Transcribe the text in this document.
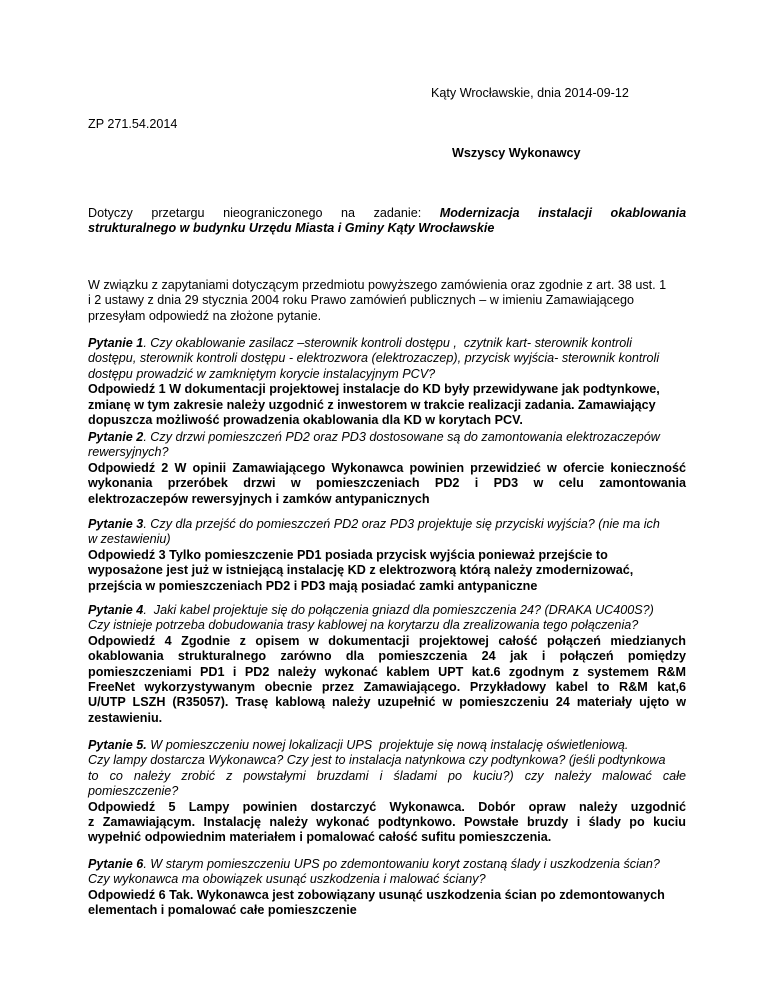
Kąty Wrocławskie, dnia 2014-09-12
ZP 271.54.2014
Wszyscy Wykonawcy
Dotyczy przetargu nieograniczonego na zadanie: Modernizacja instalacji okablowania
strukturalnego w budynku Urzędu Miasta i Gminy Kąty Wrocławskie
W związku z zapytaniami dotyczącym przedmiotu powyższego zamówienia oraz zgodnie z art. 38 ust. 1
i 2 ustawy z dnia 29 stycznia 2004 roku Prawo zamówień publicznych – w imieniu Zamawiającego
przesyłam odpowiedź na złożone pytanie.
Pytanie 1. Czy okablowanie zasilacz –sterownik kontroli dostępu ,  czytnik kart- sterownik kontroli
dostępu, sterownik kontroli dostępu - elektrozwora (elektrozaczep), przycisk wyjścia- sterownik kontroli
dostępu prowadzić w zamkniętym korycie instalacyjnym PCV?
Odpowiedź 1 W dokumentacji projektowej instalacje do KD były przewidywane jak podtynkowe,
zmianę w tym zakresie należy uzgodnić z inwestorem w trakcie realizacji zadania. Zamawiający
dopuszcza możliwość prowadzenia okablowania dla KD w korytach PCV.
Pytanie 2. Czy drzwi pomieszczeń PD2 oraz PD3 dostosowane są do zamontowania elektrozaczepów
rewersyjnych?
Odpowiedź 2 W opinii Zamawiającego Wykonawca powinien przewidzieć w ofercie konieczność
wykonania przeróbek drzwi w pomieszczeniach PD2 i PD3 w celu zamontowania
elektrozaczepów rewersyjnych i zamków antypanicznych
Pytanie 3. Czy dla przejść do pomieszczeń PD2 oraz PD3 projektuje się przyciski wyjścia? (nie ma ich
w zestawieniu)
Odpowiedź 3 Tylko pomieszczenie PD1 posiada przycisk wyjścia ponieważ przejście to
wyposażone jest już w istniejącą instalację KD z elektrozworą którą należy zmodernizować,
przejścia w pomieszczeniach PD2 i PD3 mają posiadać zamki antypaniczne
Pytanie 4.  Jaki kabel projektuje się do połączenia gniazd dla pomieszczenia 24? (DRAKA UC400S?)
Czy istnieje potrzeba dobudowania trasy kablowej na korytarzu dla zrealizowania tego połączenia?
Odpowiedź 4 Zgodnie z opisem w dokumentacji projektowej całość połączeń miedzianych
okablowania strukturalnego zarówno dla pomieszczenia 24 jak i połączeń pomiędzy
pomieszczeniami PD1 i PD2 należy wykonać kablem UPT kat.6 zgodnym z systemem R&M
FreeNet wykorzystywanym obecnie przez Zamawiającego. Przykładowy kabel to R&M kat,6
U/UTP LSZH (R35057). Trasę kablową należy uzupełnić w pomieszczeniu 24 materiały ujęto w
zestawieniu.
Pytanie 5. W pomieszczeniu nowej lokalizacji UPS  projektuje się nową instalację oświetleniową.
Czy lampy dostarcza Wykonawca? Czy jest to instalacja natynkowa czy podtynkowa? (jeśli podtynkowa
to co należy zrobić z powstałymi bruzdami i śladami po kuciu?) czy należy malować całe
pomieszczenie?
Odpowiedź 5 Lampy powinien dostarczyć Wykonawca. Dobór opraw należy uzgodnić
z Zamawiającym. Instalację należy wykonać podtynkowo. Powstałe bruzdy i ślady po kuciu
wypełnić odpowiednim materiałem i pomalować całość sufitu pomieszczenia.
Pytanie 6. W starym pomieszczeniu UPS po zdemontowaniu koryt zostaną ślady i uszkodzenia ścian?
Czy wykonawca ma obowiązek usunąć uszkodzenia i malować ściany?
Odpowiedź 6 Tak. Wykonawca jest zobowiązany usunąć uszkodzenia ścian po zdemontowanych
elementach i pomalować całe pomieszczenie
